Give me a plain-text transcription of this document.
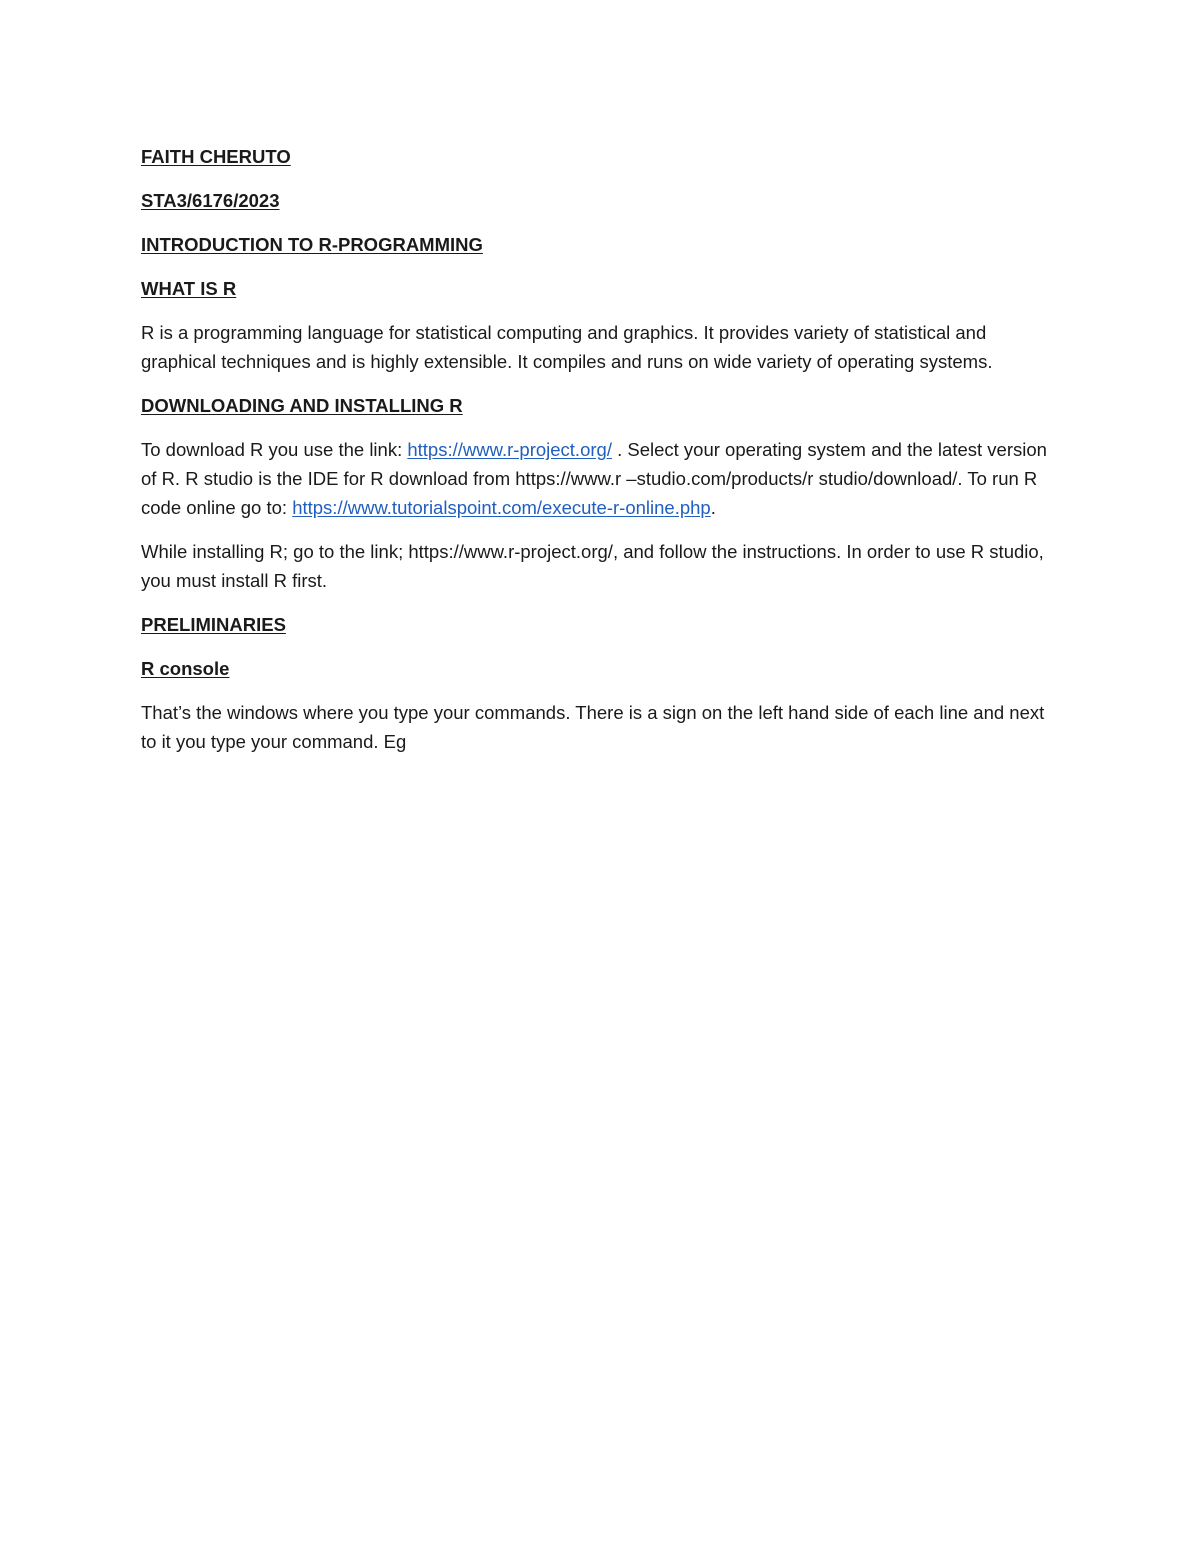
FAITH CHERUTO

STA3/6176/2023

INTRODUCTION TO R-PROGRAMMING

WHAT IS R

R is a programming language for statistical computing and graphics. It provides variety of statistical and graphical techniques and is highly extensible. It compiles and runs on wide variety of operating systems.

DOWNLOADING AND INSTALLING R

To download R you use the link: https://www.r-project.org/ . Select your operating system and the latest version of R. R studio is the IDE for R download from https://www.r –studio.com/products/r studio/download/. To run R code online go to: https://www.tutorialspoint.com/execute-r-online.php.

While installing R; go to the link; https://www.r-project.org/, and follow the instructions. In order to use R studio, you must install R first.

PRELIMINARIES

R console

That’s the windows where you type your commands. There is a sign on the left hand side of each line and next to it you type your command. Eg
